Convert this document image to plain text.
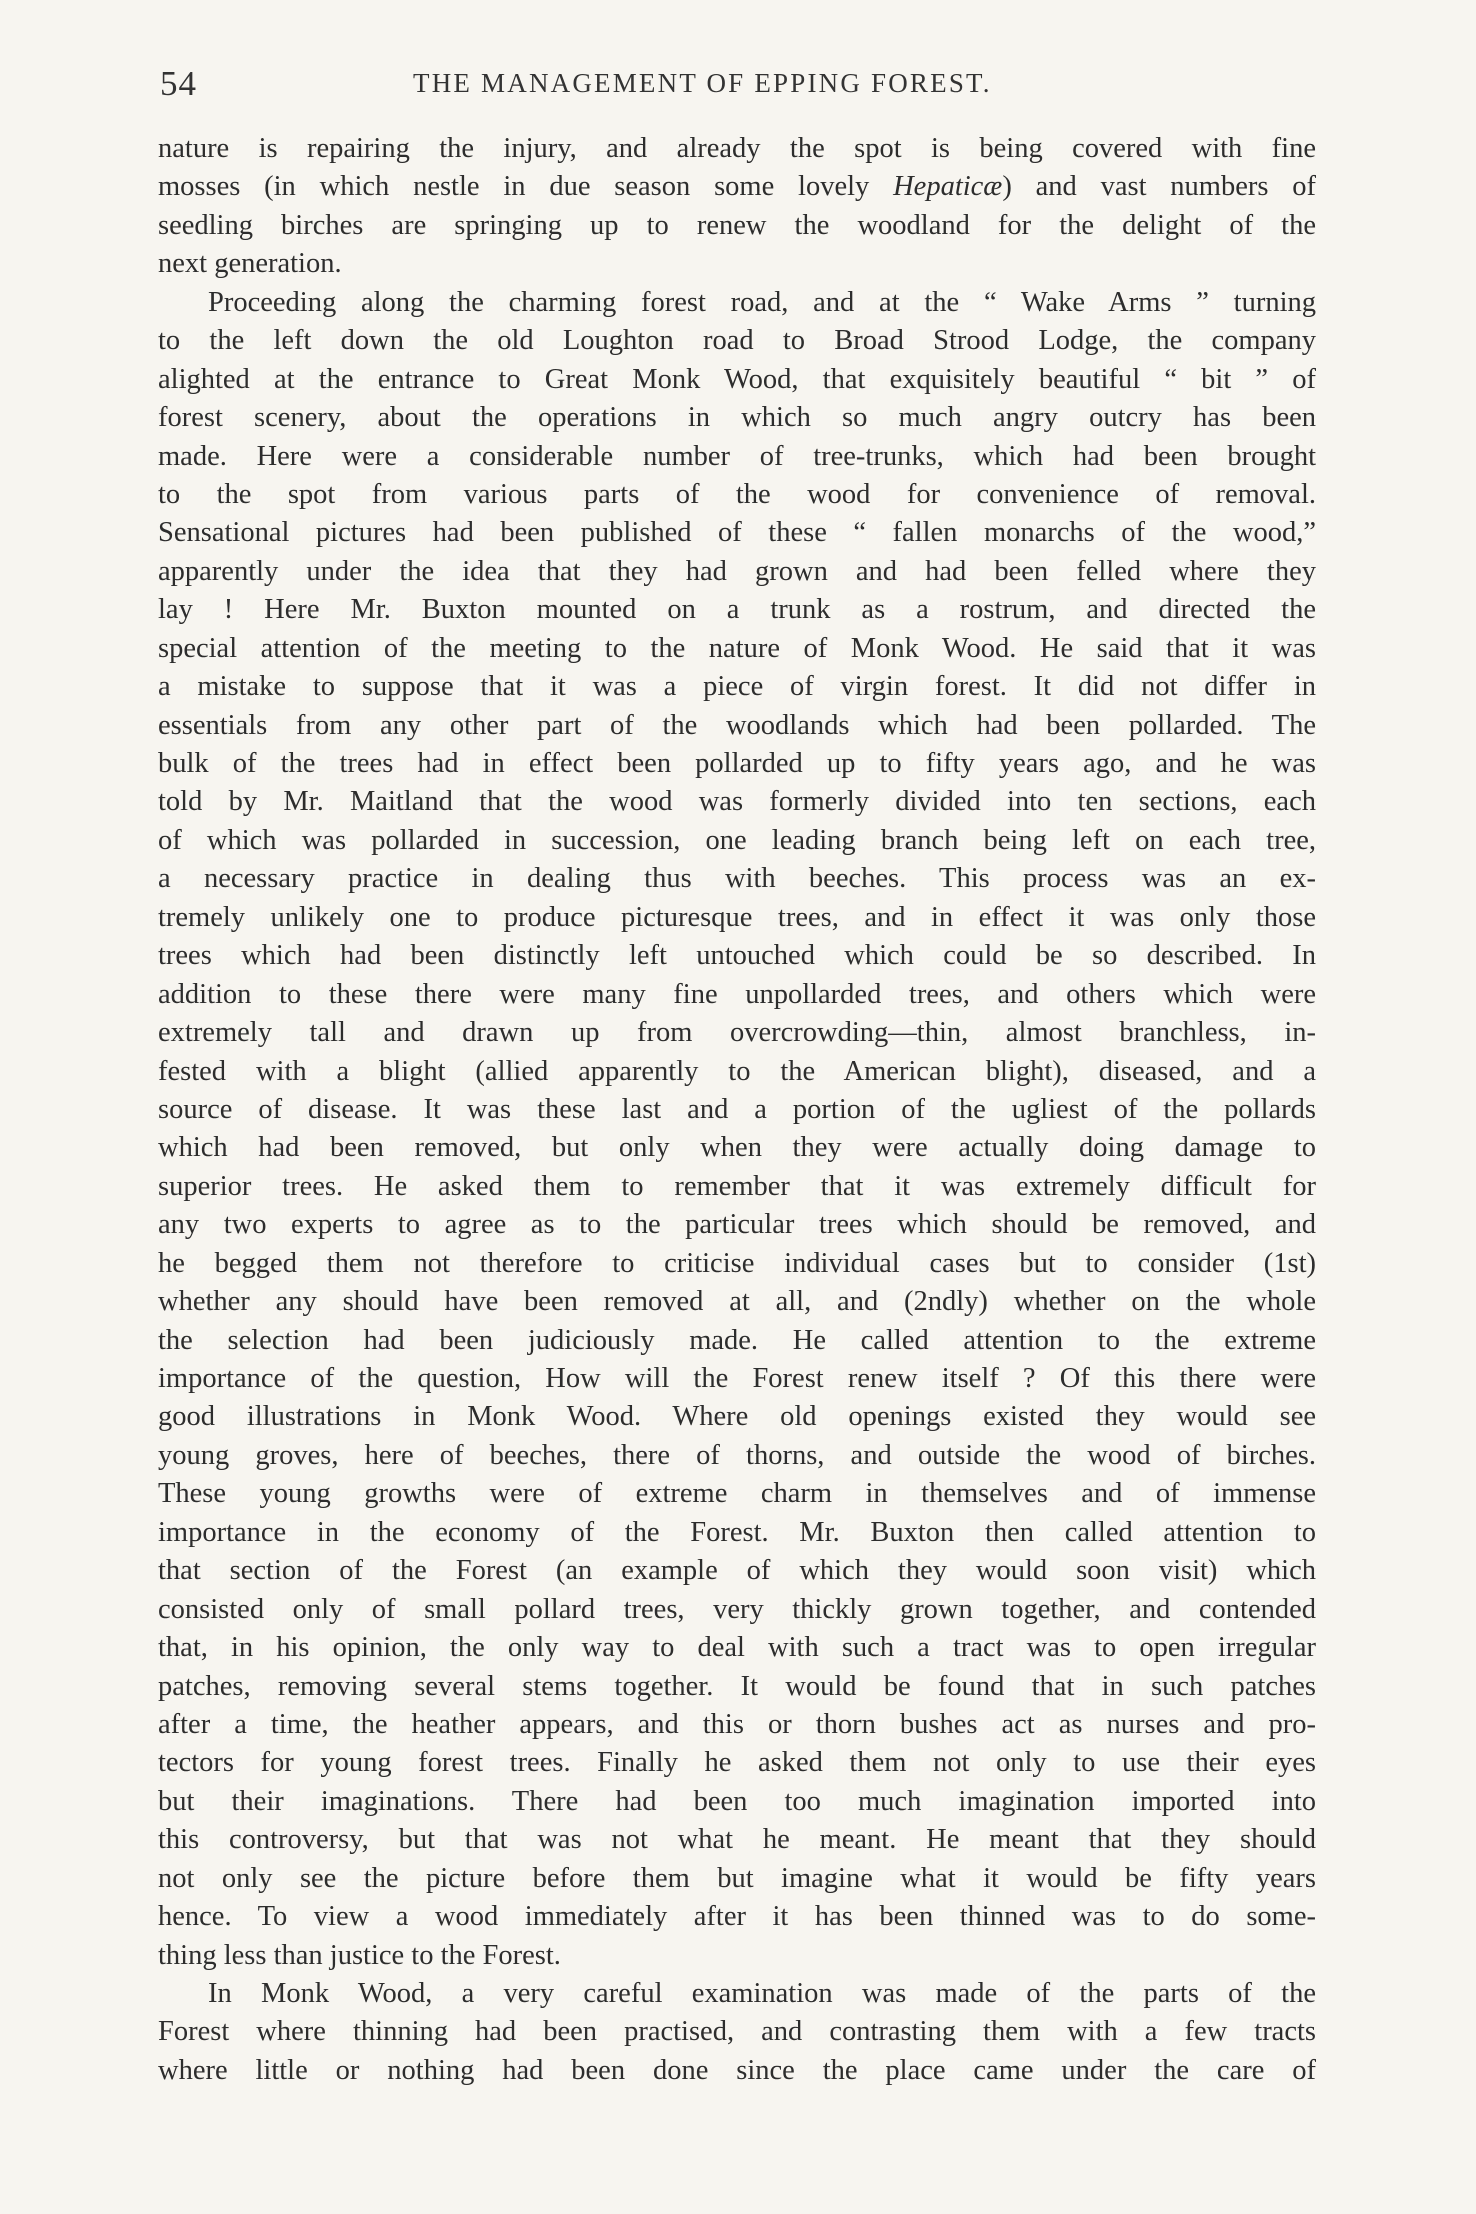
54	THE MANAGEMENT OF EPPING FOREST.
nature is repairing the injury, and already the spot is being covered with fine
mosses (in which nestle in due season some lovely Hepaticæ) and vast numbers of
seedling birches are springing up to renew the woodland for the delight of the
next generation.
Proceeding along the charming forest road, and at the “ Wake Arms ” turning
to the left down the old Loughton road to Broad Strood Lodge, the company
alighted at the entrance to Great Monk Wood, that exquisitely beautiful “ bit ” of
forest scenery, about the operations in which so much angry outcry has been
made. Here were a considerable number of tree-trunks, which had been brought
to the spot from various parts of the wood for convenience of removal.
Sensational pictures had been published of these “ fallen monarchs of the wood,”
apparently under the idea that they had grown and had been felled where they
lay ! Here Mr. Buxton mounted on a trunk as a rostrum, and directed the
special attention of the meeting to the nature of Monk Wood. He said that it was
a mistake to suppose that it was a piece of virgin forest. It did not differ in
essentials from any other part of the woodlands which had been pollarded. The
bulk of the trees had in effect been pollarded up to fifty years ago, and he was
told by Mr. Maitland that the wood was formerly divided into ten sections, each
of which was pollarded in succession, one leading branch being left on each tree,
a necessary practice in dealing thus with beeches. This process was an ex-
tremely unlikely one to produce picturesque trees, and in effect it was only those
trees which had been distinctly left untouched which could be so described. In
addition to these there were many fine unpollarded trees, and others which were
extremely tall and drawn up from overcrowding—thin, almost branchless, in-
fested with a blight (allied apparently to the American blight), diseased, and a
source of disease. It was these last and a portion of the ugliest of the pollards
which had been removed, but only when they were actually doing damage to
superior trees. He asked them to remember that it was extremely difficult for
any two experts to agree as to the particular trees which should be removed, and
he begged them not therefore to criticise individual cases but to consider (1st)
whether any should have been removed at all, and (2ndly) whether on the whole
the selection had been judiciously made. He called attention to the extreme
importance of the question, How will the Forest renew itself ? Of this there were
good illustrations in Monk Wood. Where old openings existed they would see
young groves, here of beeches, there of thorns, and outside the wood of birches.
These young growths were of extreme charm in themselves and of immense
importance in the economy of the Forest. Mr. Buxton then called attention to
that section of the Forest (an example of which they would soon visit) which
consisted only of small pollard trees, very thickly grown together, and contended
that, in his opinion, the only way to deal with such a tract was to open irregular
patches, removing several stems together. It would be found that in such patches
after a time, the heather appears, and this or thorn bushes act as nurses and pro-
tectors for young forest trees. Finally he asked them not only to use their eyes
but their imaginations. There had been too much imagination imported into
this controversy, but that was not what he meant. He meant that they should
not only see the picture before them but imagine what it would be fifty years
hence. To view a wood immediately after it has been thinned was to do some-
thing less than justice to the Forest.
In Monk Wood, a very careful examination was made of the parts of the
Forest where thinning had been practised, and contrasting them with a few tracts
where little or nothing had been done since the place came under the care of
